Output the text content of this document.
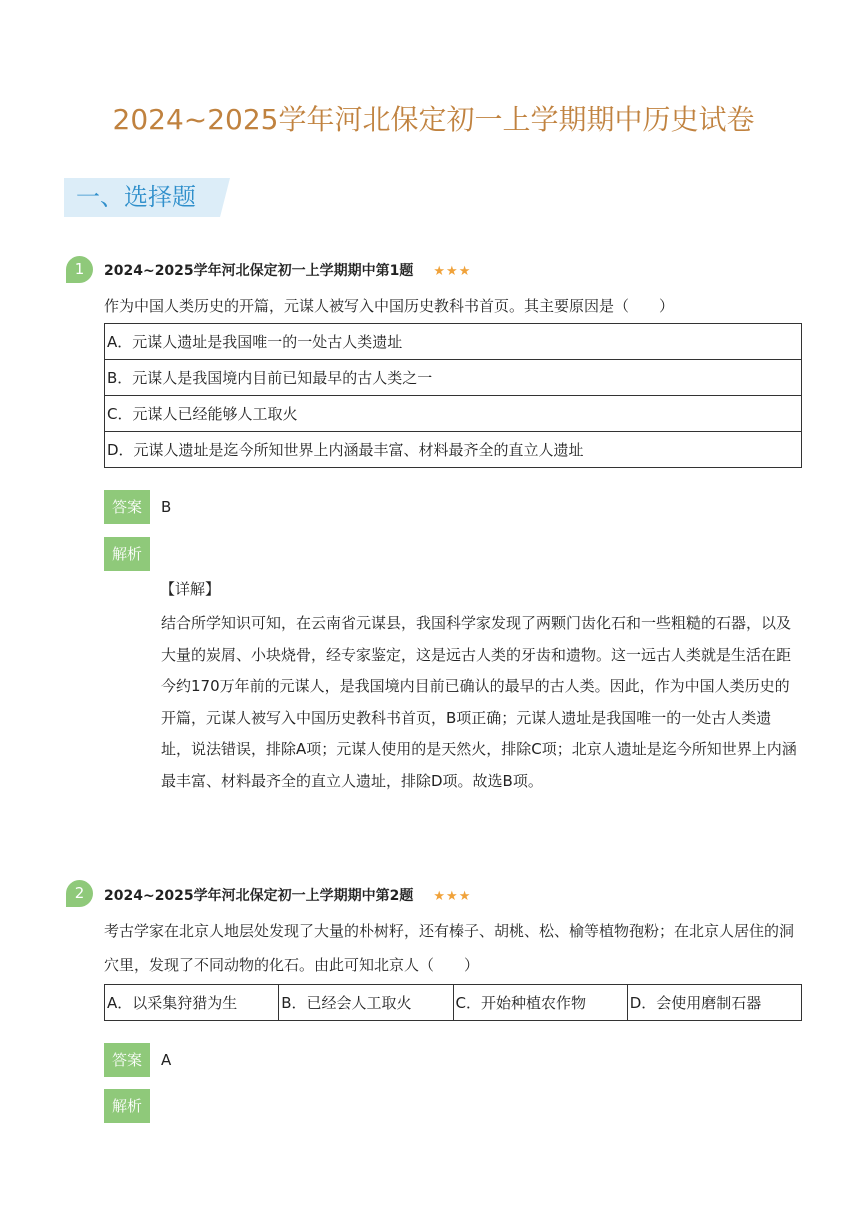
2024~2025学年河北保定初一上学期期中历史试卷
一、选择题
1	2024~2025学年河北保定初一上学期期中第1题 ★★★
作为中国人类历史的开篇，元谋人被写入中国历史教科书首页。其主要原因是（　　）
A．元谋人遗址是我国唯一的一处古人类遗址
B．元谋人是我国境内目前已知最早的古人类之一
C．元谋人已经能够人工取火
D．元谋人遗址是迄今所知世界上内涵最丰富、材料最齐全的直立人遗址
答案	B
解析
【详解】
结合所学知识可知，在云南省元谋县，我国科学家发现了两颗门齿化石和一些粗糙的石器，以及大量的炭屑、小块烧骨，经专家鉴定，这是远古人类的牙齿和遗物。这一远古人类就是生活在距今约170万年前的元谋人，是我国境内目前已确认的最早的古人类。因此，作为中国人类历史的开篇，元谋人被写入中国历史教科书首页，B项正确；元谋人遗址是我国唯一的一处古人类遗址，说法错误，排除A项；元谋人使用的是天然火，排除C项；北京人遗址是迄今所知世界上内涵最丰富、材料最齐全的直立人遗址，排除D项。故选B项。
2	2024~2025学年河北保定初一上学期期中第2题 ★★★
考古学家在北京人地层处发现了大量的朴树籽，还有榛子、胡桃、松、榆等植物孢粉；在北京人居住的洞穴里，发现了不同动物的化石。由此可知北京人（　　）
A．以采集狩猎为生	B．已经会人工取火	C．开始种植农作物	D．会使用磨制石器
答案	A
解析
